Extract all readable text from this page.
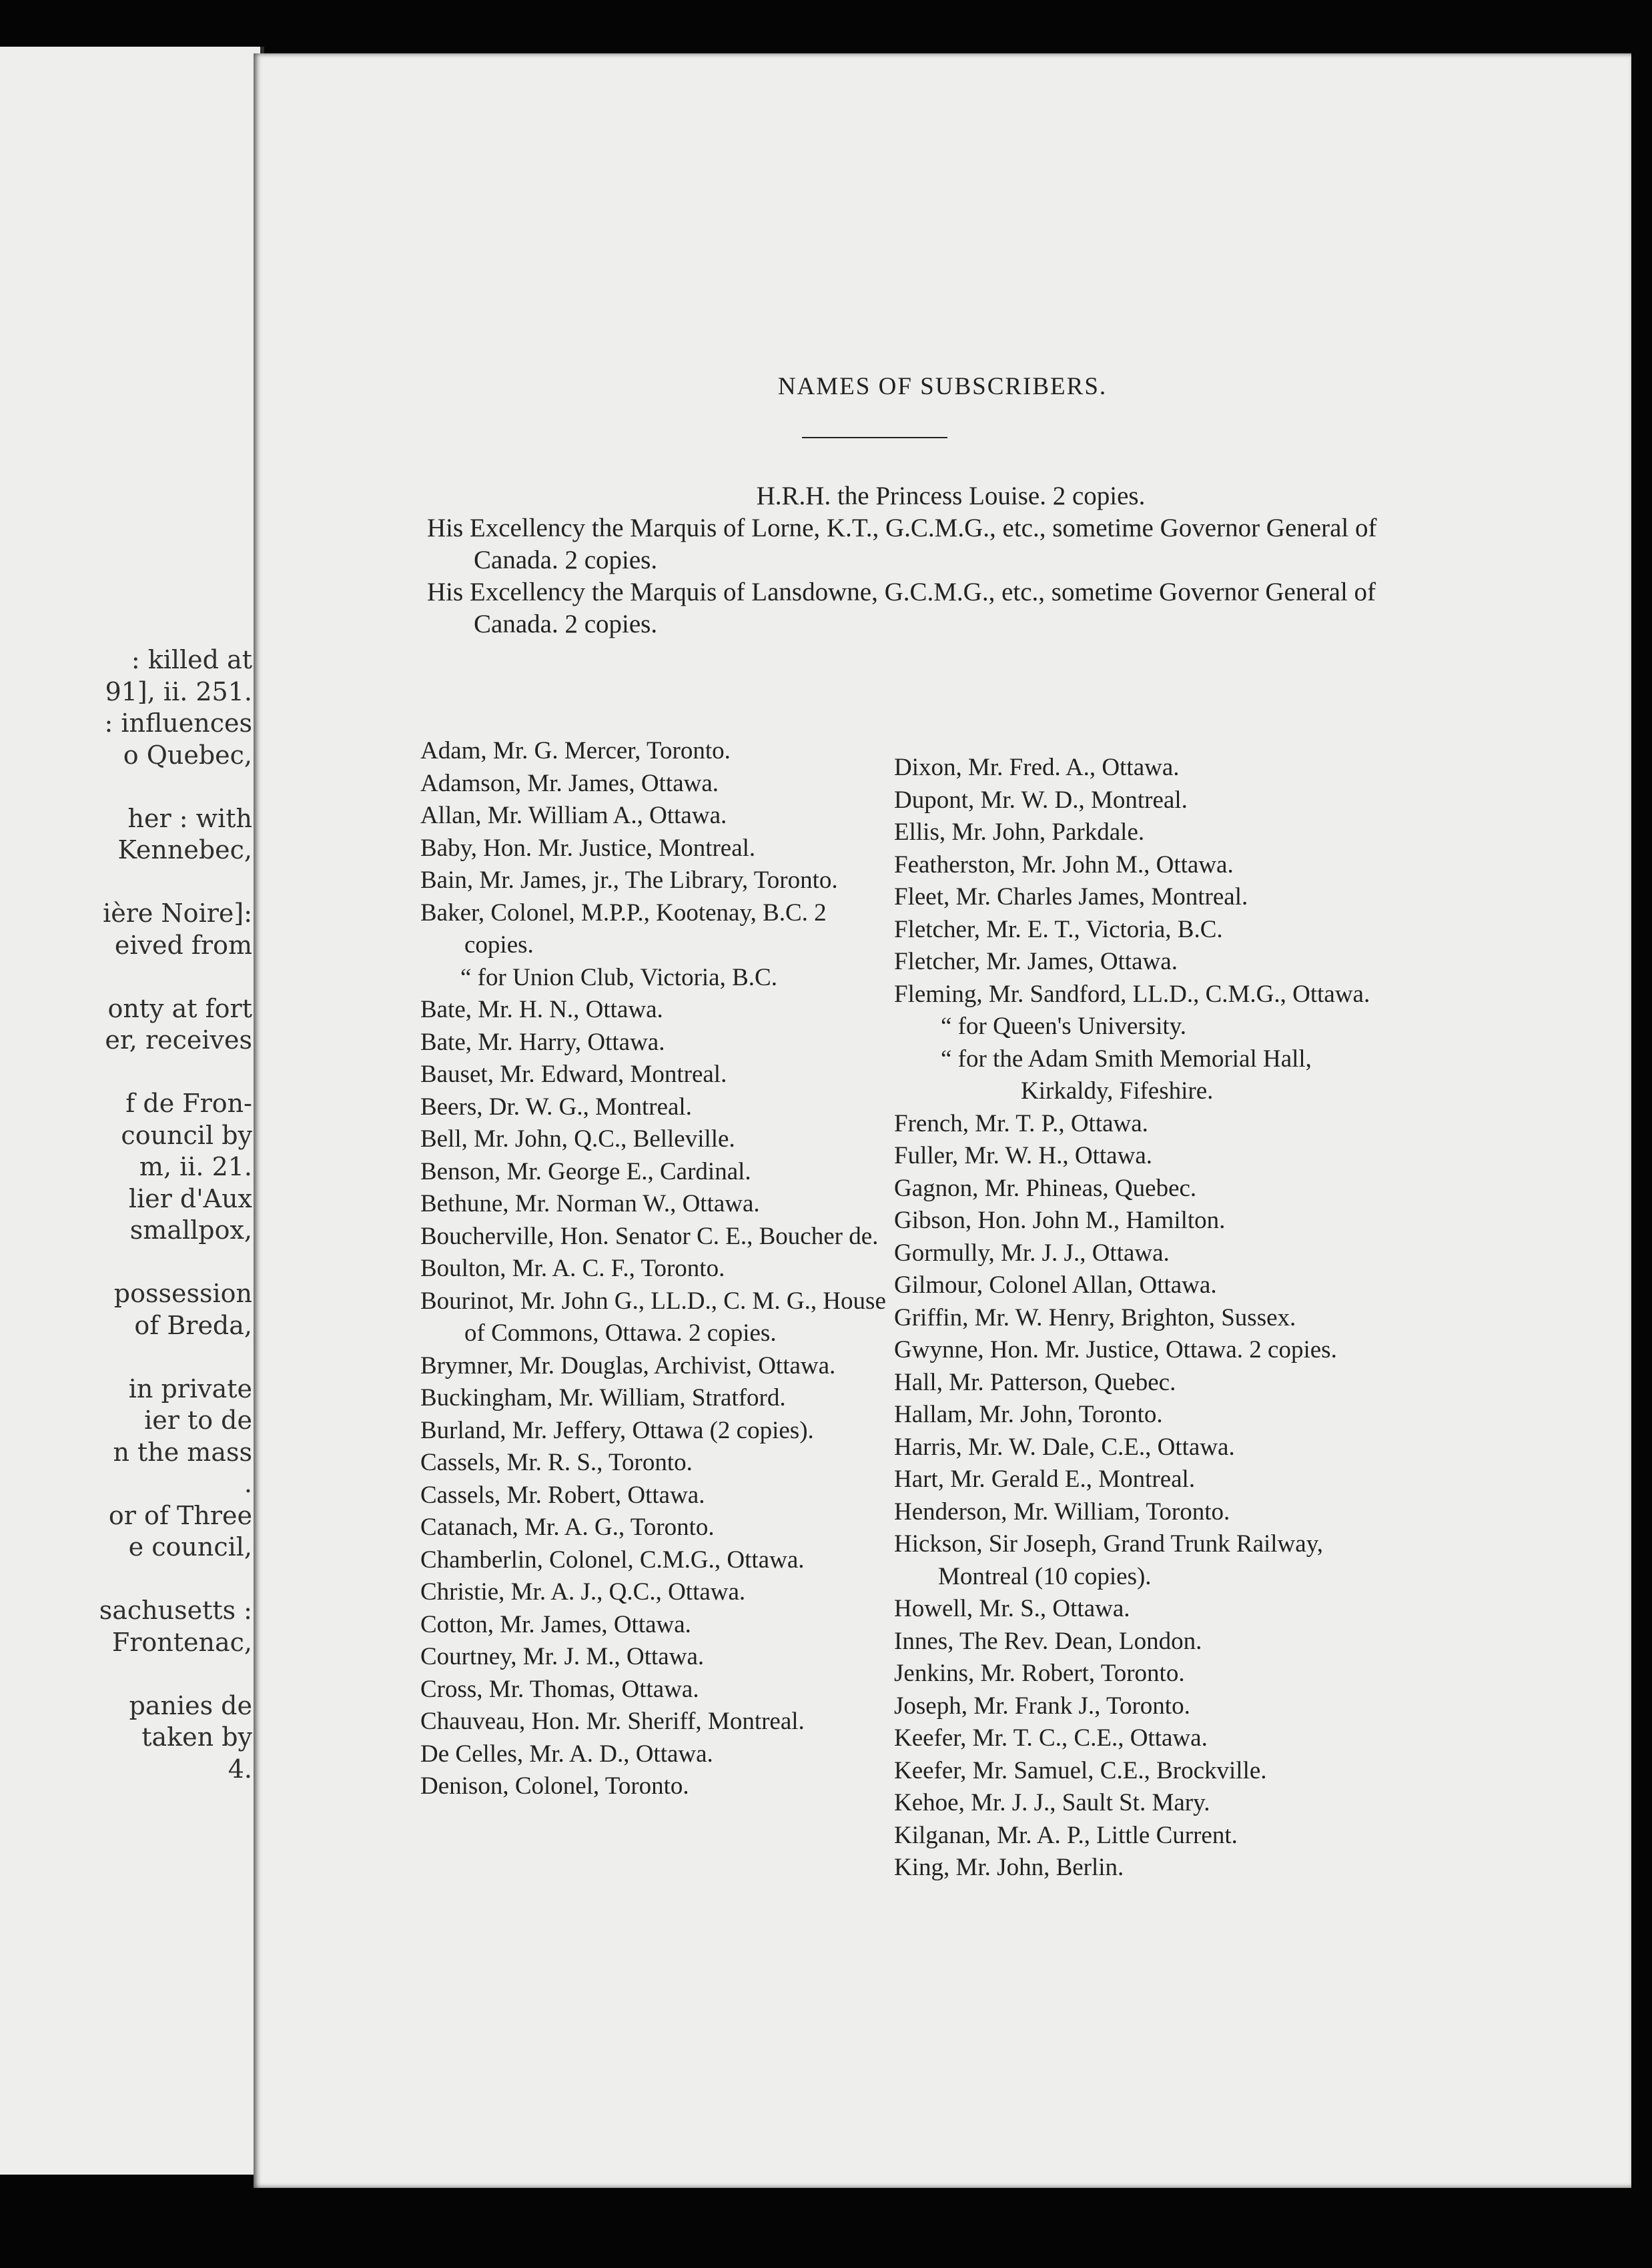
: killed at
91], ii. 251.
: influences
o Quebec,
her : with
Kennebec,
ière Noire]:
eived from
onty at fort
er, receives
f de Fron-
council by
m, ii. 21.
lier d'Aux
smallpox,
possession
of Breda,
in private
ier to de
n the mass
.
or of Three
e council,
sachusetts :
Frontenac,
panies de
taken by
4.
NAMES OF SUBSCRIBERS.
H.R.H. the Princess Louise. 2 copies.
His Excellency the Marquis of Lorne, K.T., G.C.M.G., etc., sometime Governor General of Canada. 2 copies.
His Excellency the Marquis of Lansdowne, G.C.M.G., etc., sometime Governor General of Canada. 2 copies.
Adam, Mr. G. Mercer, Toronto.
Adamson, Mr. James, Ottawa.
Allan, Mr. William A., Ottawa.
Baby, Hon. Mr. Justice, Montreal.
Bain, Mr. James, jr., The Library, Toronto.
Baker, Colonel, M.P.P., Kootenay, B.C. 2 copies.
“ for Union Club, Victoria, B.C.
Bate, Mr. H. N., Ottawa.
Bate, Mr. Harry, Ottawa.
Bauset, Mr. Edward, Montreal.
Beers, Dr. W. G., Montreal.
Bell, Mr. John, Q.C., Belleville.
Benson, Mr. George E., Cardinal.
Bethune, Mr. Norman W., Ottawa.
Boucherville, Hon. Senator C. E., Boucher de.
Boulton, Mr. A. C. F., Toronto.
Bourinot, Mr. John G., LL.D., C. M. G., House of Commons, Ottawa. 2 copies.
Brymner, Mr. Douglas, Archivist, Ottawa.
Buckingham, Mr. William, Stratford.
Burland, Mr. Jeffery, Ottawa (2 copies).
Cassels, Mr. R. S., Toronto.
Cassels, Mr. Robert, Ottawa.
Catanach, Mr. A. G., Toronto.
Chamberlin, Colonel, C.M.G., Ottawa.
Christie, Mr. A. J., Q.C., Ottawa.
Cotton, Mr. James, Ottawa.
Courtney, Mr. J. M., Ottawa.
Cross, Mr. Thomas, Ottawa.
Chauveau, Hon. Mr. Sheriff, Montreal.
De Celles, Mr. A. D., Ottawa.
Denison, Colonel, Toronto.
Dixon, Mr. Fred. A., Ottawa.
Dupont, Mr. W. D., Montreal.
Ellis, Mr. John, Parkdale.
Featherston, Mr. John M., Ottawa.
Fleet, Mr. Charles James, Montreal.
Fletcher, Mr. E. T., Victoria, B.C.
Fletcher, Mr. James, Ottawa.
Fleming, Mr. Sandford, LL.D., C.M.G., Ottawa.
“ for Queen's University.
“ for the Adam Smith Memorial Hall, Kirkaldy, Fifeshire.
French, Mr. T. P., Ottawa.
Fuller, Mr. W. H., Ottawa.
Gagnon, Mr. Phineas, Quebec.
Gibson, Hon. John M., Hamilton.
Gormully, Mr. J. J., Ottawa.
Gilmour, Colonel Allan, Ottawa.
Griffin, Mr. W. Henry, Brighton, Sussex.
Gwynne, Hon. Mr. Justice, Ottawa. 2 copies.
Hall, Mr. Patterson, Quebec.
Hallam, Mr. John, Toronto.
Harris, Mr. W. Dale, C.E., Ottawa.
Hart, Mr. Gerald E., Montreal.
Henderson, Mr. William, Toronto.
Hickson, Sir Joseph, Grand Trunk Railway, Montreal (10 copies).
Howell, Mr. S., Ottawa.
Innes, The Rev. Dean, London.
Jenkins, Mr. Robert, Toronto.
Joseph, Mr. Frank J., Toronto.
Keefer, Mr. T. C., C.E., Ottawa.
Keefer, Mr. Samuel, C.E., Brockville.
Kehoe, Mr. J. J., Sault St. Mary.
Kilganan, Mr. A. P., Little Current.
King, Mr. John, Berlin.
